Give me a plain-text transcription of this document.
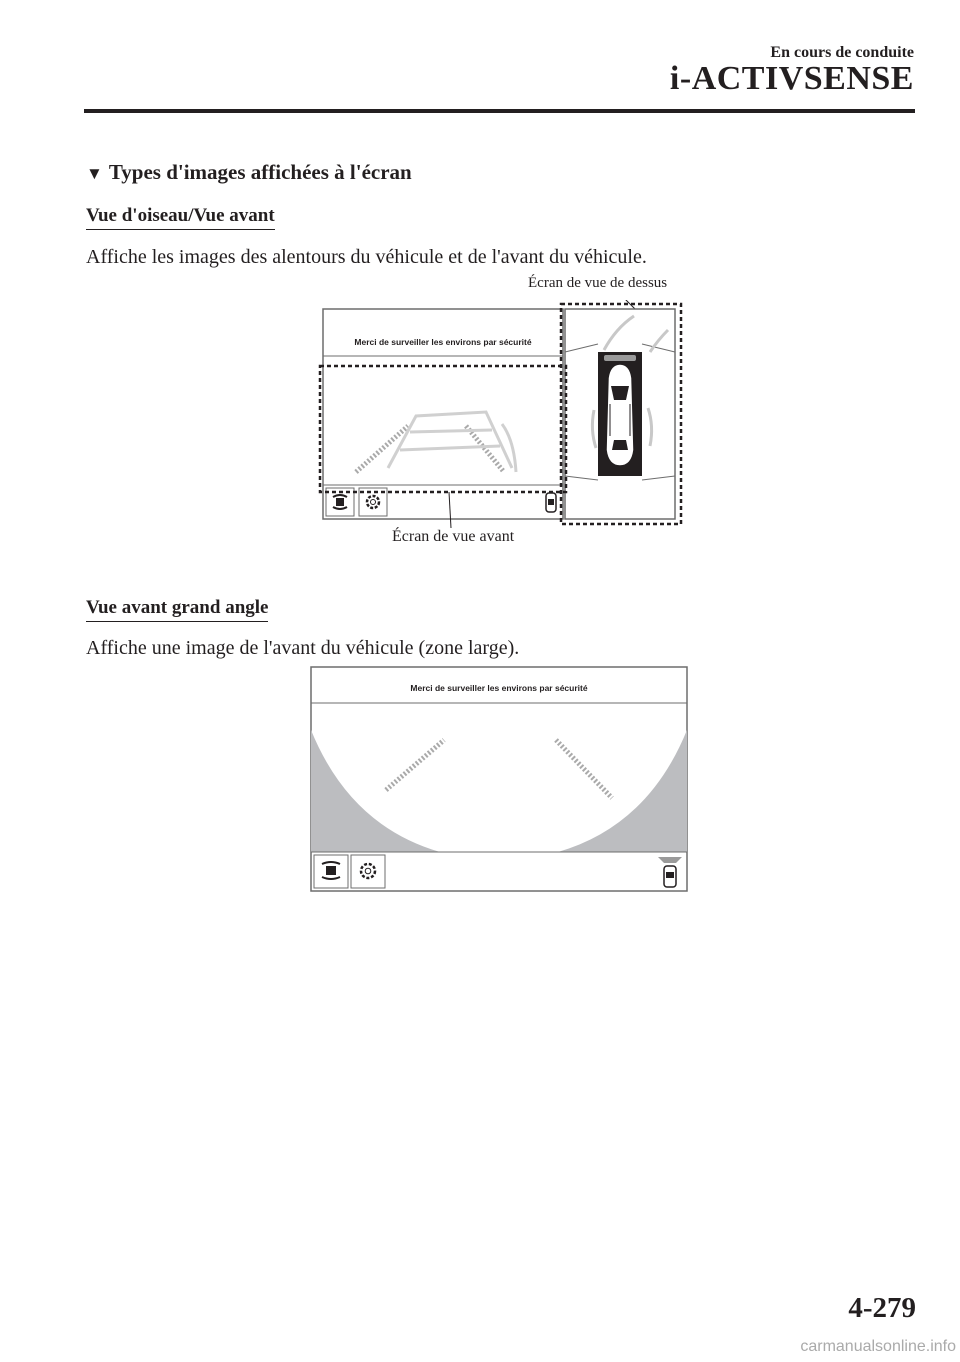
En cours de conduite
i-ACTIVSENSE
▼ Types d'images affichées à l'écran
Vue d'oiseau/Vue avant
Affiche les images des alentours du véhicule et de l'avant du véhicule.
Écran de vue de dessus
Merci de surveiller les environs par sécurité
Écran de vue avant
Vue avant grand angle
Affiche une image de l'avant du véhicule (zone large).
Merci de surveiller les environs par sécurité
4-279
carmanualsonline.info
